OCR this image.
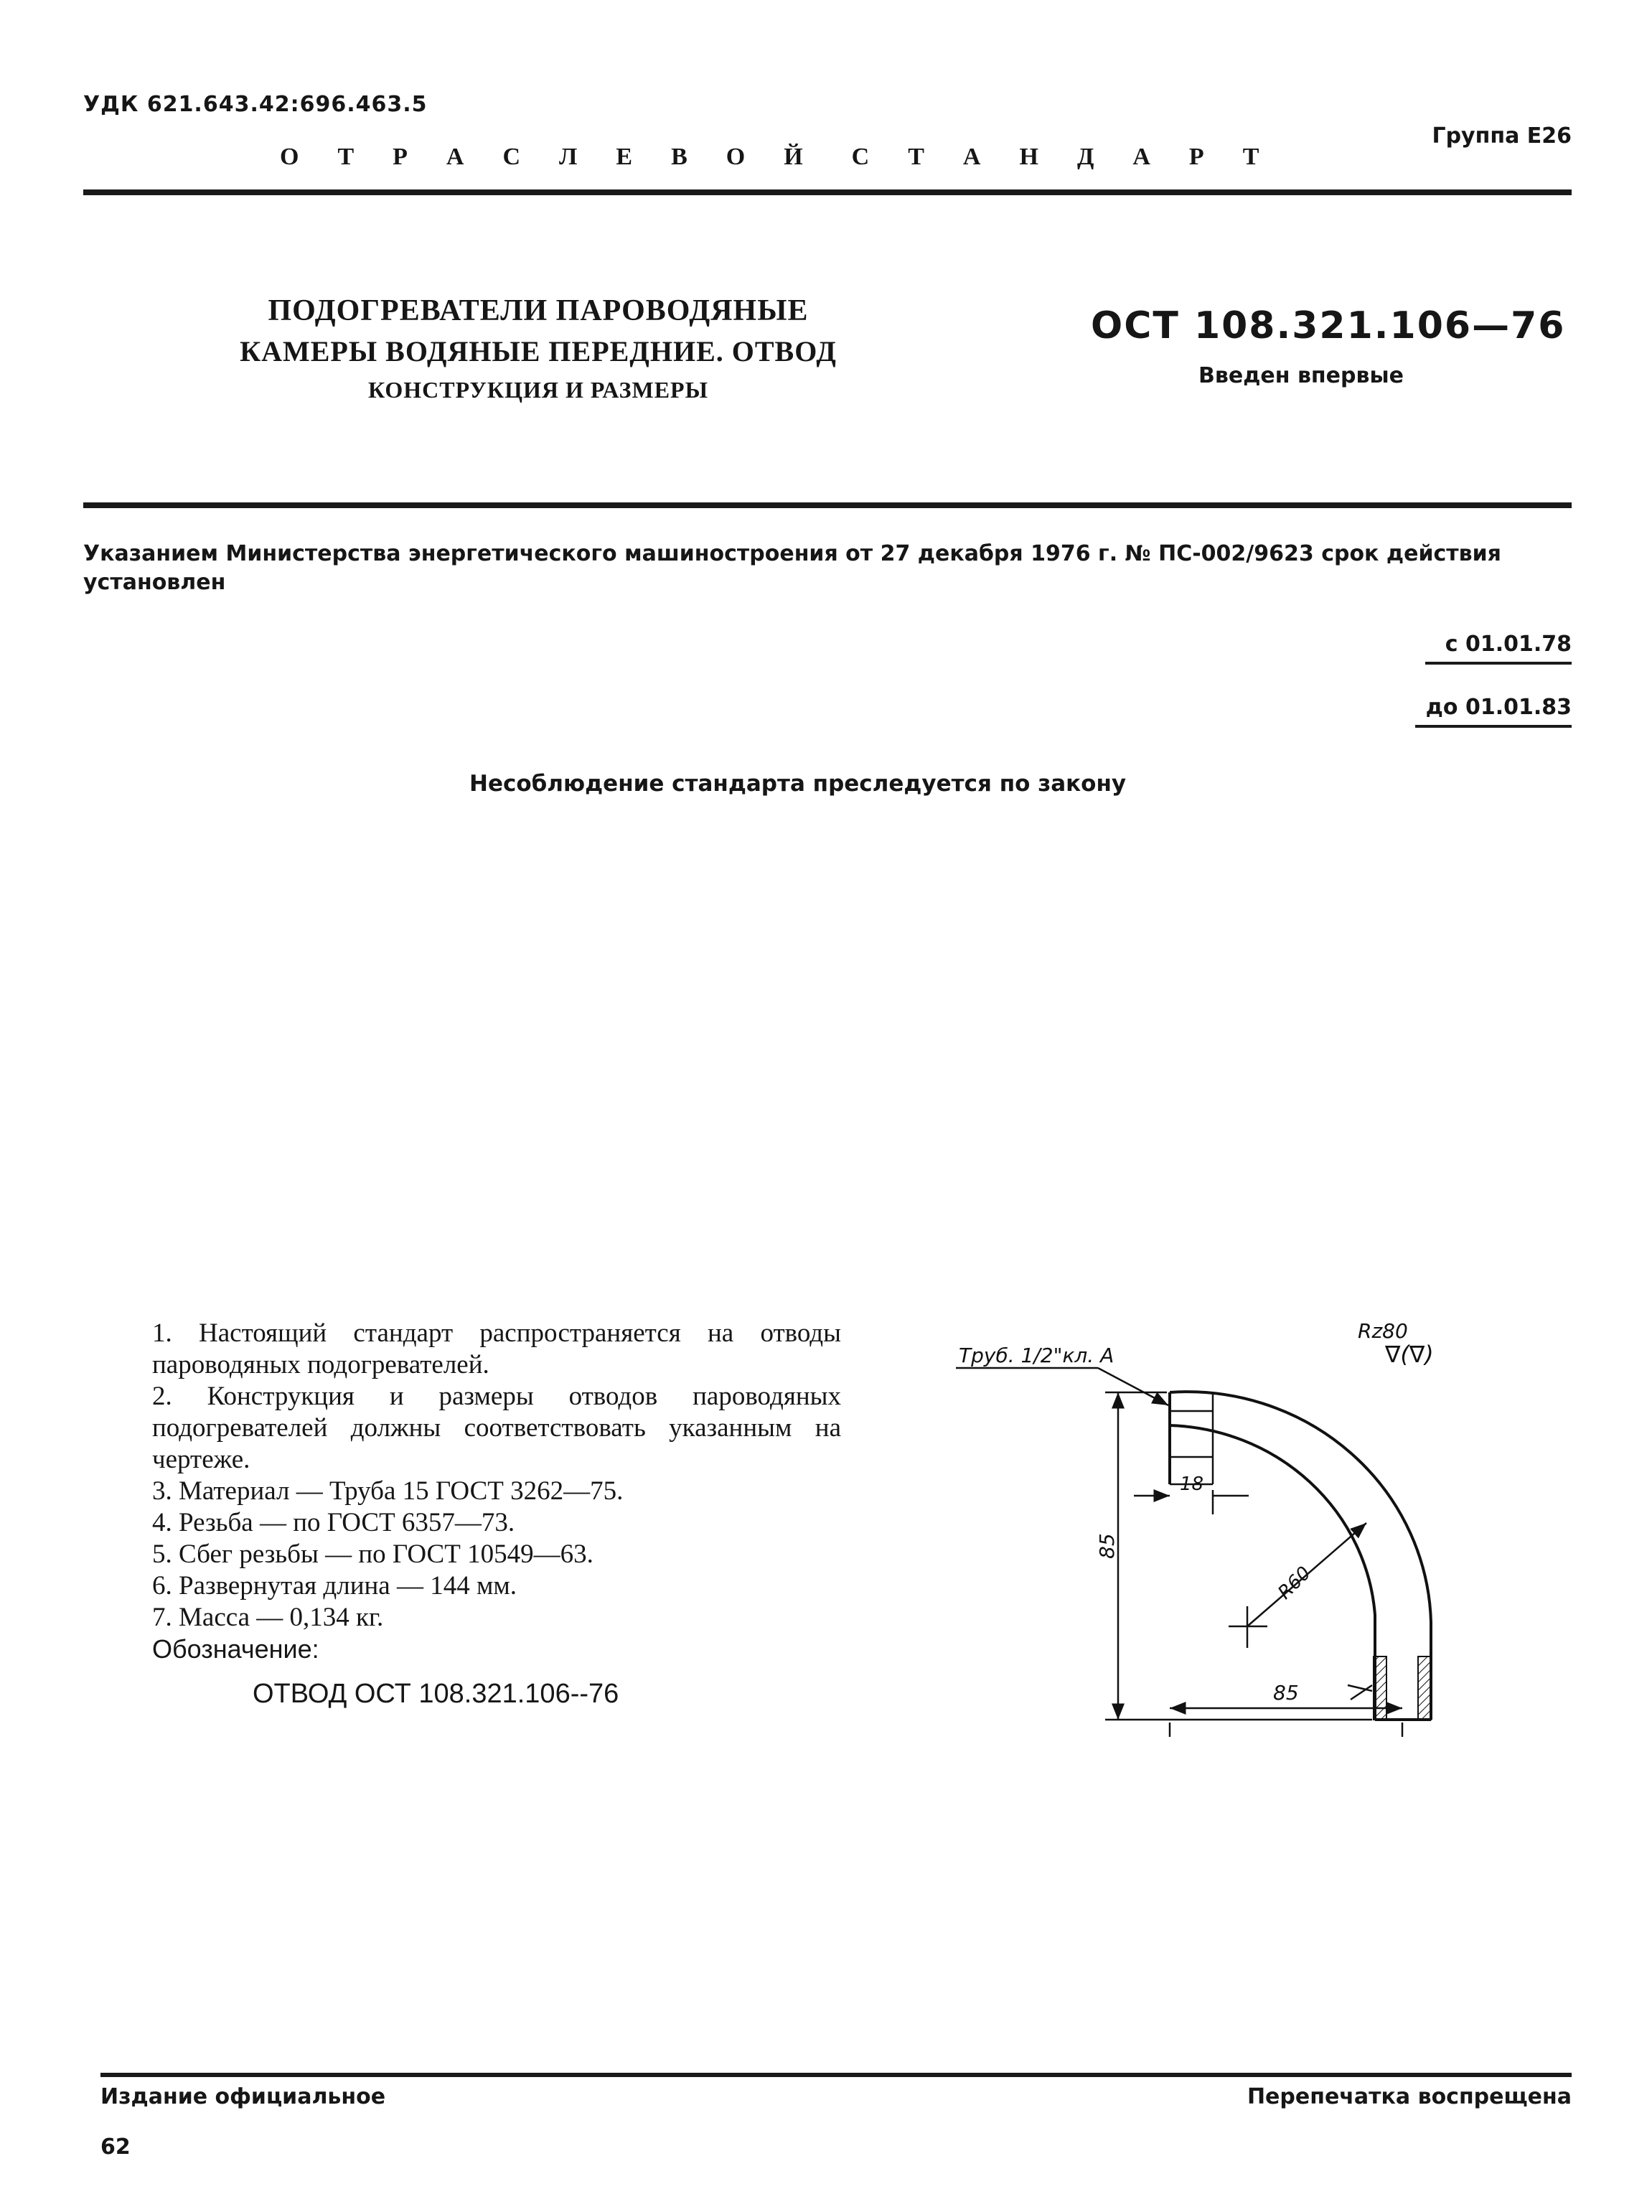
УДК 621.643.42:696.463.5
Группа Е26
О Т Р А С Л Е В О Й С Т А Н Д А Р Т
ПОДОГРЕВАТЕЛИ ПАРОВОДЯНЫЕ
КАМЕРЫ ВОДЯНЫЕ ПЕРЕДНИЕ. ОТВОД
КОНСТРУКЦИЯ И РАЗМЕРЫ
ОСТ 108.321.106—76
Введен впервые
Указанием Министерства энергетического машиностроения от 27 декабря 1976 г. № ПС-002/9623 срок действия установлен
с 01.01.78
до 01.01.83
Несоблюдение стандарта преследуется по закону
1. Настоящий стандарт распространяется на отводы пароводяных подогревателей.
2. Конструкция и размеры отводов пароводяных подогревателей должны соответствовать указанным на чертеже.
3. Материал — Труба 15 ГОСТ 3262—75.
4. Резьба — по ГОСТ 6357—73.
5. Сбег резьбы — по ГОСТ 10549—63.
6. Развернутая длина — 144 мм.
7. Масса — 0,134 кг.
Обозначение:
ОТВОД ОСТ 108.321.106--76
Труб. 1/2"кл. А
Rz80
∇(∇)
18
R60
85
85
Издание официальное	Перепечатка воспрещена
62
